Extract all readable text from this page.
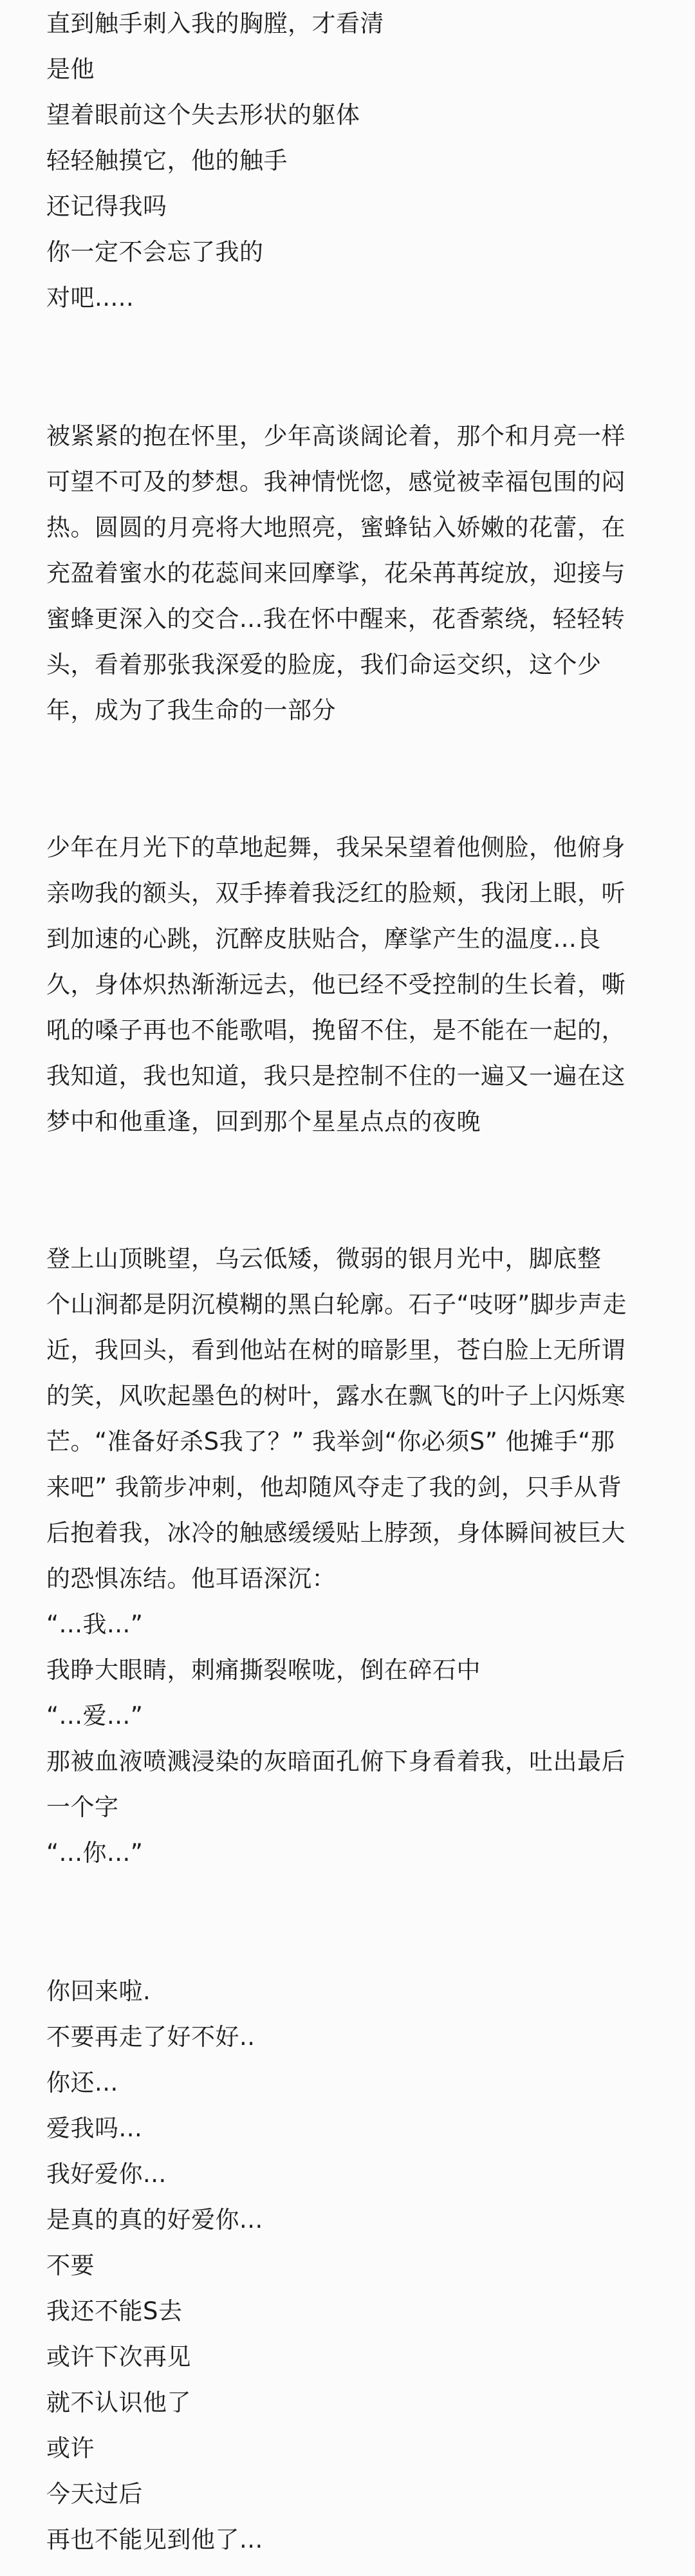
直到触手刺入我的胸膛，才看清
是他
望着眼前这个失去形状的躯体
轻轻触摸它，他的触手
还记得我吗
你一定不会忘了我的
对吧.....
被紧紧的抱在怀里，少年高谈阔论着，那个和月亮一样
可望不可及的梦想。我神情恍惚，感觉被幸福包围的闷
热。圆圆的月亮将大地照亮，蜜蜂钻入娇嫩的花蕾，在
充盈着蜜水的花蕊间来回摩挲，花朵苒苒绽放，迎接与
蜜蜂更深入的交合...我在怀中醒来，花香萦绕，轻轻转
头，看着那张我深爱的脸庞，我们命运交织，这个少
年，成为了我生命的一部分
少年在月光下的草地起舞，我呆呆望着他侧脸，他俯身
亲吻我的额头，双手捧着我泛红的脸颊，我闭上眼，听
到加速的心跳，沉醉皮肤贴合，摩挲产生的温度...良
久，身体炽热渐渐远去，他已经不受控制的生长着，嘶
吼的嗓子再也不能歌唱，挽留不住，是不能在一起的，
我知道，我也知道，我只是控制不住的一遍又一遍在这
梦中和他重逢，回到那个星星点点的夜晚
登上山顶眺望，乌云低矮，微弱的银月光中，脚底整
个山涧都是阴沉模糊的黑白轮廓。石子“吱呀”脚步声走
近，我回头，看到他站在树的暗影里，苍白脸上无所谓
的笑，风吹起墨色的树叶，露水在飘飞的叶子上闪烁寒
芒。“准备好杀S我了？” 我举剑“你必须S” 他摊手“那
来吧” 我箭步冲刺，他却随风夺走了我的剑，只手从背
后抱着我，冰冷的触感缓缓贴上脖颈，身体瞬间被巨大
的恐惧冻结。他耳语深沉：
“...我...”
我睁大眼睛，刺痛撕裂喉咙，倒在碎石中
“...爱...”
那被血液喷溅浸染的灰暗面孔俯下身看着我，吐出最后
一个字
“...你...”
你回来啦.
不要再走了好不好..
你还...
爱我吗...
我好爱你...
是真的真的好爱你...
不要
我还不能S去
或许下次再见
就不认识他了
或许
今天过后
再也不能见到他了...
